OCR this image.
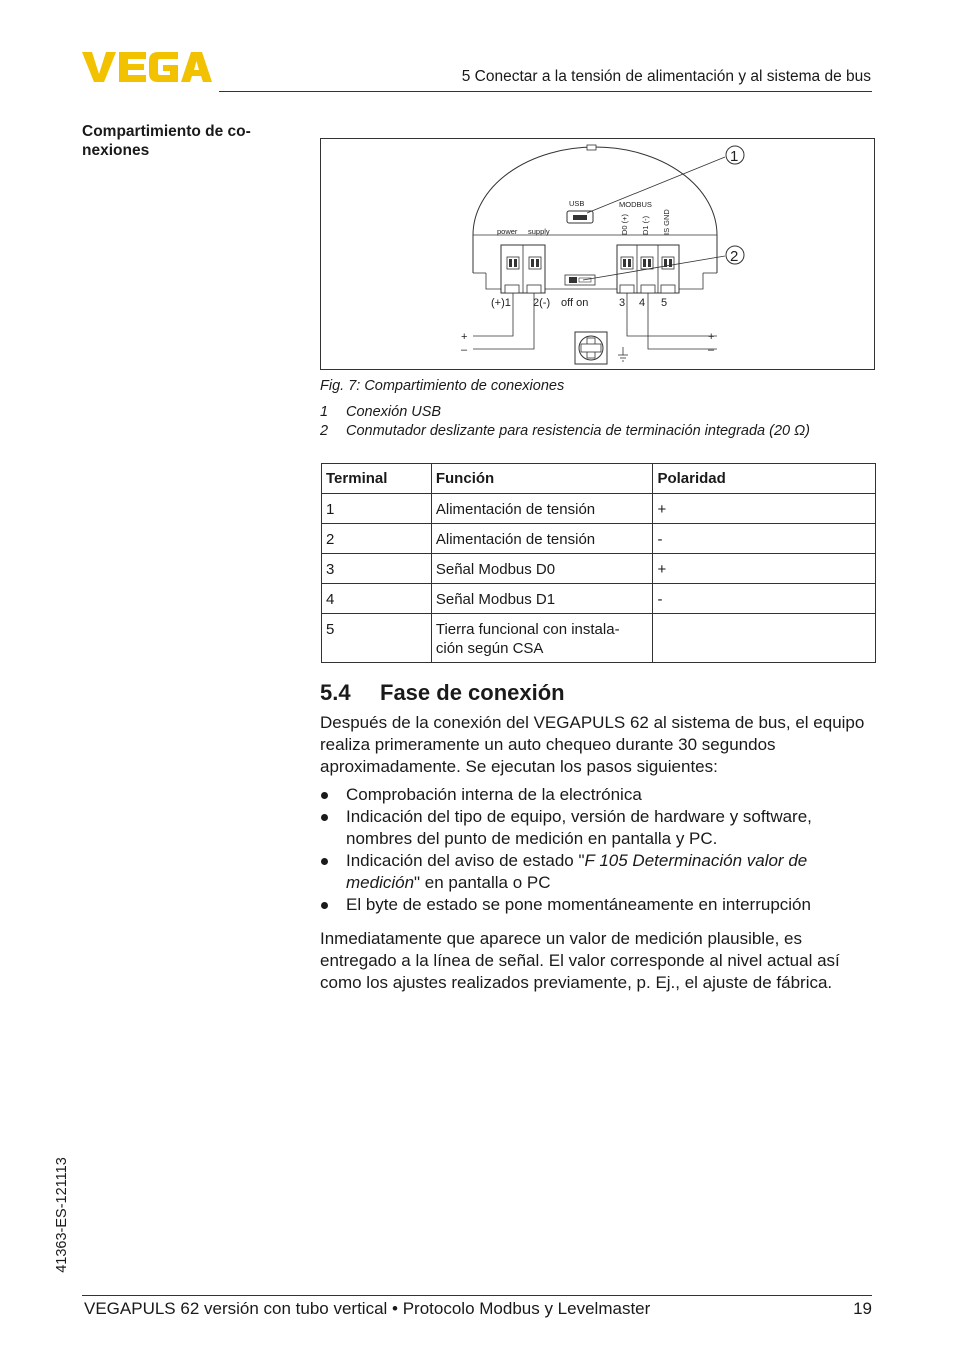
5 Conectar a la tensión de alimentación y al sistema de bus
Compartimiento de co-nexiones
USB	MODBUS
D0 (+) D1 (-) IS GND
power supply
(+)1 2(-) off on	3 4 5
+
–
+
–
1
2
Fig. 7: Compartimiento de conexiones
1 Conexión USB
2 Conmutador deslizante para resistencia de terminación integrada (20 Ω)
Terminal	Función	Polaridad
1	Alimentación de tensión	+
2	Alimentación de tensión	-
3	Señal Modbus D0	+
4	Señal Modbus D1	-
5	Tierra funcional con instala-ción según CSA	
5.4 Fase de conexión
Después de la conexión del VEGAPULS 62 al sistema de bus, el equipo realiza primeramente un auto chequeo durante 30 segundos aproximadamente. Se ejecutan los pasos siguientes:
Comprobación interna de la electrónica
Indicación del tipo de equipo, versión de hardware y software, nombres del punto de medición en pantalla y PC.
Indicación del aviso de estado "F 105 Determinación valor de medición" en pantalla o PC
El byte de estado se pone momentáneamente en interrupción
Inmediatamente que aparece un valor de medición plausible, es entregado a la línea de señal. El valor corresponde al nivel actual así como los ajustes realizados previamente, p. Ej., el ajuste de fábrica.
41363-ES-121113
VEGAPULS 62 versión con tubo vertical • Protocolo Modbus y Levelmaster	19
